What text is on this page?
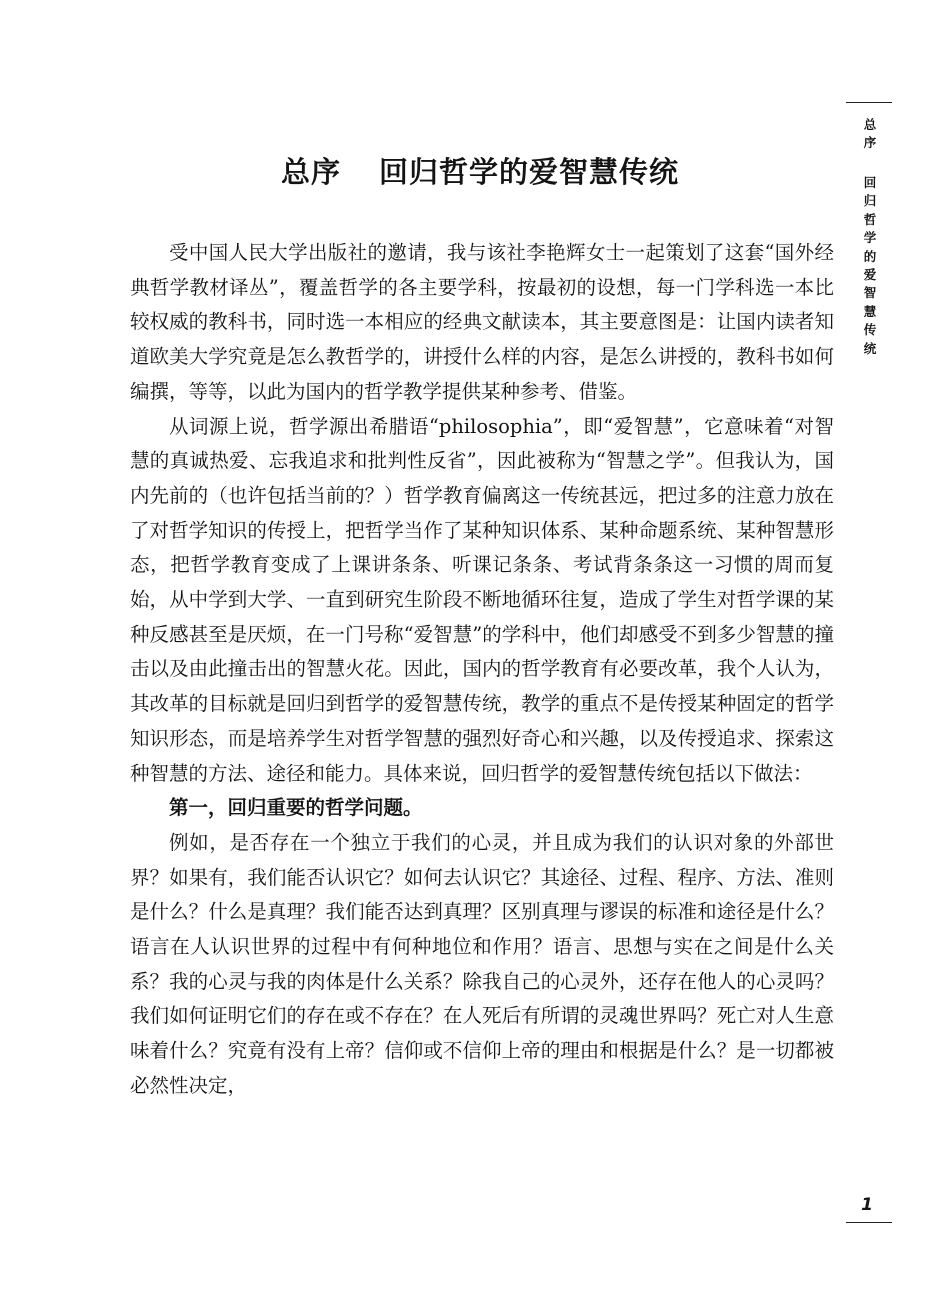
总序 回归哲学的爱智慧传统
总序
回归哲学的爱智慧传统

受中国人民大学出版社的邀请，我与该社李艳辉女士一起策划了这套“国外经典哲学教材译丛”，覆盖哲学的各主要学科，按最初的设想，每一门学科选一本比较权威的教科书，同时选一本相应的经典文献读本，其主要意图是：让国内读者知道欧美大学究竟是怎么教哲学的，讲授什么样的内容，是怎么讲授的，教科书如何编撰，等等，以此为国内的哲学教学提供某种参考、借鉴。

从词源上说，哲学源出希腊语“philosophia”，即“爱智慧”，它意味着“对智慧的真诚热爱、忘我追求和批判性反省”，因此被称为“智慧之学”。但我认为，国内先前的（也许包括当前的？）哲学教育偏离这一传统甚远，把过多的注意力放在了对哲学知识的传授上，把哲学当作了某种知识体系、某种命题系统、某种智慧形态，把哲学教育变成了上课讲条条、听课记条条、考试背条条这一习惯的周而复始，从中学到大学、一直到研究生阶段不断地循环往复，造成了学生对哲学课的某种反感甚至是厌烦，在一门号称“爱智慧”的学科中，他们却感受不到多少智慧的撞击以及由此撞击出的智慧火花。因此，国内的哲学教育有必要改革，我个人认为，其改革的目标就是回归到哲学的爱智慧传统，教学的重点不是传授某种固定的哲学知识形态，而是培养学生对哲学智慧的强烈好奇心和兴趣，以及传授追求、探索这种智慧的方法、途径和能力。具体来说，回归哲学的爱智慧传统包括以下做法：

第一，回归重要的哲学问题。

例如，是否存在一个独立于我们的心灵，并且成为我们的认识对象的外部世界？如果有，我们能否认识它？如何去认识它？其途径、过程、程序、方法、准则是什么？什么是真理？我们能否达到真理？区别真理与谬误的标准和途径是什么？语言在人认识世界的过程中有何种地位和作用？语言、思想与实在之间是什么关系？我的心灵与我的肉体是什么关系？除我自己的心灵外，还存在他人的心灵吗？我们如何证明它们的存在或不存在？在人死后有所谓的灵魂世界吗？死亡对人生意味着什么？究竟有没有上帝？信仰或不信仰上帝的理由和根据是什么？是一切都被必然性决定，

1
